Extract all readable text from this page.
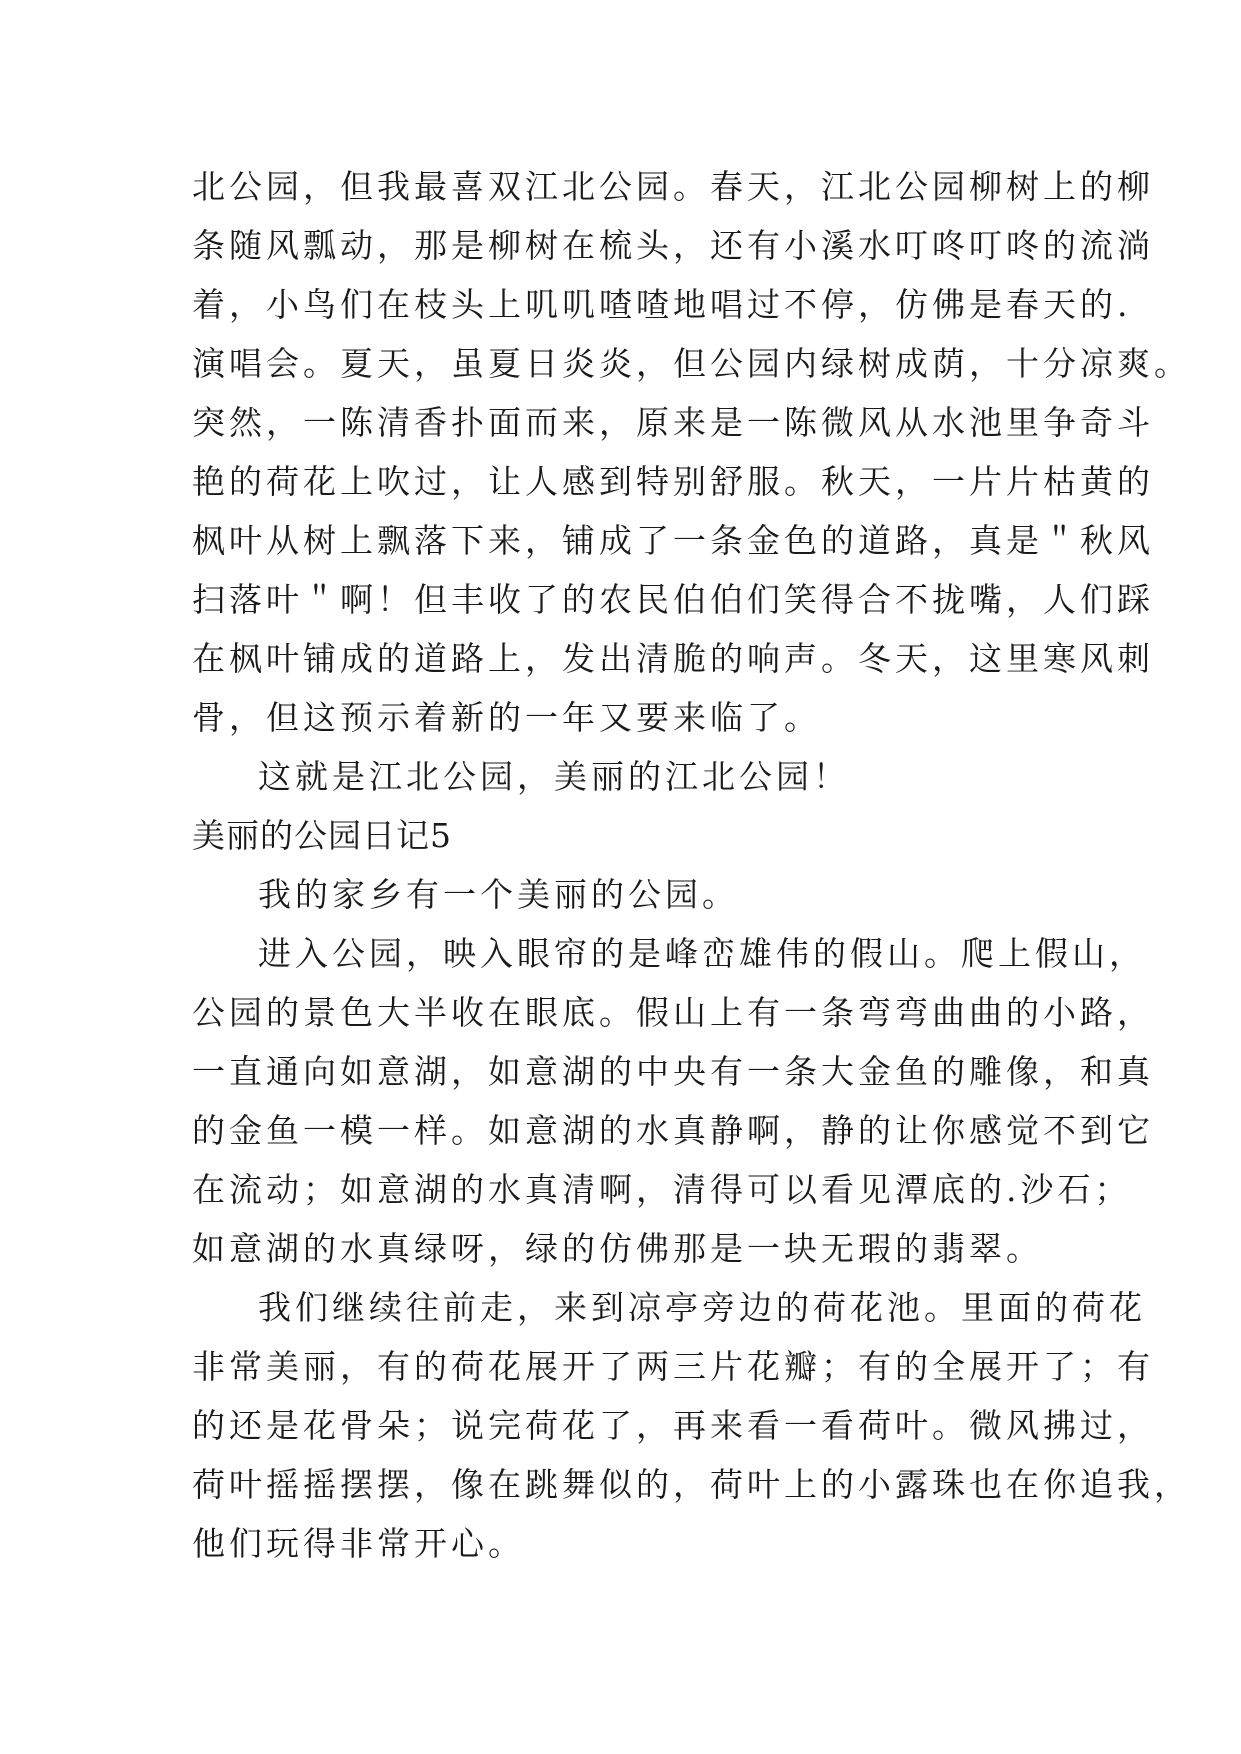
北公园，但我最喜双江北公园。春天，江北公园柳树上的柳
条随风瓢动，那是柳树在梳头，还有小溪水叮咚叮咚的流淌
着，小鸟们在枝头上叽叽喳喳地唱过不停，仿佛是春天的.
演唱会。夏天，虽夏日炎炎，但公园内绿树成荫，十分凉爽。
突然，一陈清香扑面而来，原来是一陈微风从水池里争奇斗
艳的荷花上吹过，让人感到特别舒服。秋天，一片片枯黄的
枫叶从树上飘落下来，铺成了一条金色的道路，真是＂秋风
扫落叶＂啊！但丰收了的农民伯伯们笑得合不拢嘴，人们踩
在枫叶铺成的道路上，发出清脆的响声。冬天，这里寒风刺
骨，但这预示着新的一年又要来临了。
这就是江北公园，美丽的江北公园！
美丽的公园日记5
我的家乡有一个美丽的公园。
进入公园，映入眼帘的是峰峦雄伟的假山。爬上假山，
公园的景色大半收在眼底。假山上有一条弯弯曲曲的小路，
一直通向如意湖，如意湖的中央有一条大金鱼的雕像，和真
的金鱼一模一样。如意湖的水真静啊，静的让你感觉不到它
在流动；如意湖的水真清啊，清得可以看见潭底的.沙石；
如意湖的水真绿呀，绿的仿佛那是一块无瑕的翡翠。
我们继续往前走，来到凉亭旁边的荷花池。里面的荷花
非常美丽，有的荷花展开了两三片花瓣；有的全展开了；有
的还是花骨朵；说完荷花了，再来看一看荷叶。微风拂过，
荷叶摇摇摆摆，像在跳舞似的，荷叶上的小露珠也在你追我，
他们玩得非常开心。
